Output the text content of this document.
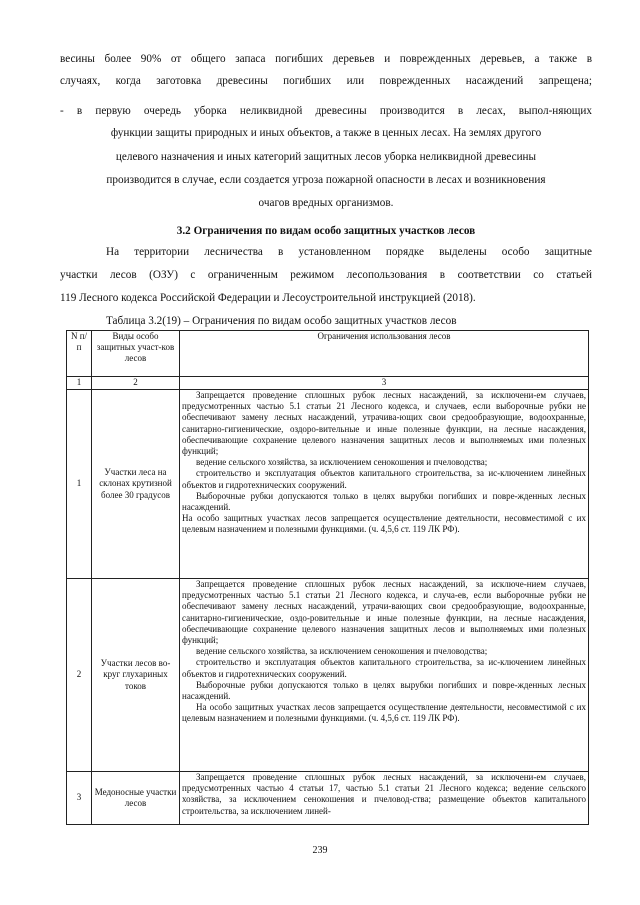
весины более 90% от общего запаса погибших деревьев и поврежденных деревьев, а также в
случаях, когда заготовка древесины погибших или поврежденных насаждений запрещена;
- в первую очередь уборка неликвидной древесины производится в лесах, выпол-няющих
функции защиты природных и иных объектов, а также в ценных лесах. На землях другого
целевого назначения и иных категорий защитных лесов уборка неликвидной древесины
производится в случае, если создается угроза пожарной опасности в лесах и возникновения
очагов вредных организмов.
3.2 Ограничения по видам особо защитных участков лесов
На территории лесничества в установленном порядке выделены особо защитные
участки лесов (ОЗУ) с ограниченным режимом лесопользования в соответствии со статьей
119 Лесного кодекса Российской Федерации и Лесоустроительной инструкцией (2018).
Таблица 3.2(19) – Ограничения по видам особо защитных участков лесов
N п/п	Виды особо защитных участ-ков лесов	Ограничения использования лесов
1	2	3
1	Участки леса на склонах крутизной более 30 градусов	Запрещается проведение сплошных рубок лесных насаждений, за исключени-ем случаев, предусмотренных частью 5.1 статьи 21 Лесного кодекса, и случаев, если выборочные рубки не обеспечивают замену лесных насаждений, утрачива-ющих свои средообразующие, водоохранные, санитарно-гигиенические, оздоро-вительные и иные полезные функции, на лесные насаждения, обеспечивающие сохранение целевого назначения защитных лесов и выполняемых ими полезных функций;

ведение сельского хозяйства, за исключением сенокошения и пчеловодства;

строительство и эксплуатация объектов капитального строительства, за ис-ключением линейных объектов и гидротехнических сооружений.

Выборочные рубки допускаются только в целях вырубки погибших и повре-жденных лесных насаждений.

На особо защитных участках лесов запрещается осуществление деятельности, несовместимой с их целевым назначением и полезными функциями. (ч. 4,5,6 ст. 119 ЛК РФ).

2	Участки лесов во-круг глухариных токов	Запрещается проведение сплошных рубок лесных насаждений, за исключе-нием случаев, предусмотренных частью 5.1 статьи 21 Лесного кодекса, и случа-ев, если выборочные рубки не обеспечивают замену лесных насаждений, утрачи-вающих свои средообразующие, водоохранные, санитарно-гигиенические, оздо-ровительные и иные полезные функции, на лесные насаждения, обеспечивающие сохранение целевого назначения защитных лесов и выполняемых ими полезных функций;

ведение сельского хозяйства, за исключением сенокошения и пчеловодства;

строительство и эксплуатация объектов капитального строительства, за ис-ключением линейных объектов и гидротехнических сооружений.

Выборочные рубки допускаются только в целях вырубки погибших и повре-жденных лесных насаждений.

На особо защитных участках лесов запрещается осуществление деятельности, несовместимой с их целевым назначением и полезными функциями. (ч. 4,5,6 ст. 119 ЛК РФ).

3	Медоносные участки лесов	Запрещается проведение сплошных рубок лесных насаждений, за исключени-ем случаев, предусмотренных частью 4 статьи 17, частью 5.1 статьи 21 Лесного кодекса; ведение сельского хозяйства, за исключением сенокошения и пчеловод-ства; размещение объектов капитального строительства, за исключением линей-

239
